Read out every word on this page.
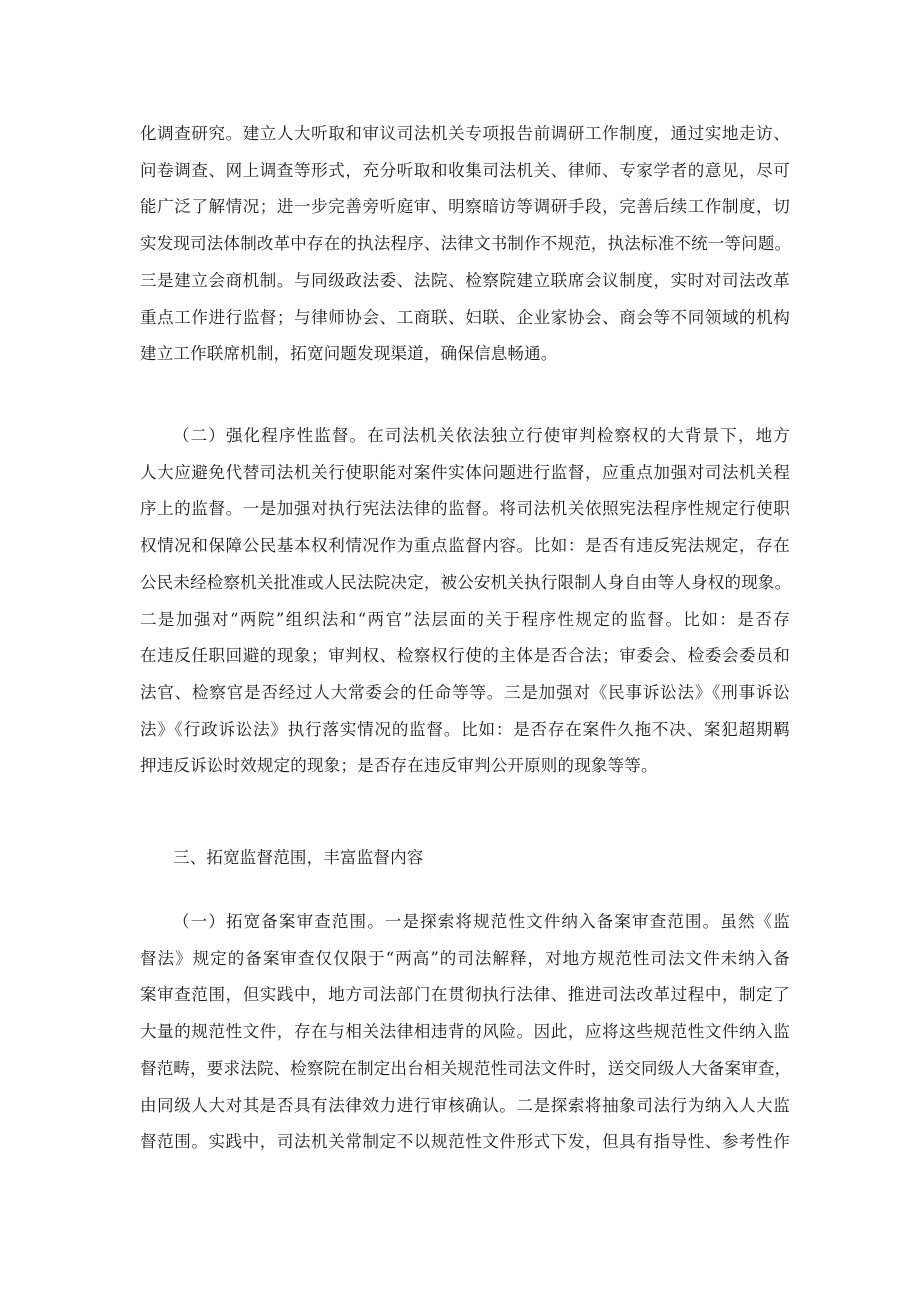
化调查研究。建立人大听取和审议司法机关专项报告前调研工作制度，通过实地走访、
问卷调查、网上调查等形式，充分听取和收集司法机关、律师、专家学者的意见，尽可
能广泛了解情况；进一步完善旁听庭审、明察暗访等调研手段，完善后续工作制度，切
实发现司法体制改革中存在的执法程序、法律文书制作不规范，执法标准不统一等问题。
三是建立会商机制。与同级政法委、法院、检察院建立联席会议制度，实时对司法改革
重点工作进行监督；与律师协会、工商联、妇联、企业家协会、商会等不同领域的机构
建立工作联席机制，拓宽问题发现渠道，确保信息畅通。
（二）强化程序性监督。在司法机关依法独立行使审判检察权的大背景下，地方
人大应避免代替司法机关行使职能对案件实体问题进行监督，应重点加强对司法机关程
序上的监督。一是加强对执行宪法法律的监督。将司法机关依照宪法程序性规定行使职
权情况和保障公民基本权利情况作为重点监督内容。比如：是否有违反宪法规定，存在
公民未经检察机关批准或人民法院决定，被公安机关执行限制人身自由等人身权的现象。
二是加强对“两院”组织法和“两官”法层面的关于程序性规定的监督。比如：是否存
在违反任职回避的现象；审判权、检察权行使的主体是否合法；审委会、检委会委员和
法官、检察官是否经过人大常委会的任命等等。三是加强对《民事诉讼法》《刑事诉讼
法》《行政诉讼法》执行落实情况的监督。比如：是否存在案件久拖不决、案犯超期羁
押违反诉讼时效规定的现象；是否存在违反审判公开原则的现象等等。
三、拓宽监督范围，丰富监督内容
（一）拓宽备案审查范围。一是探索将规范性文件纳入备案审查范围。虽然《监
督法》规定的备案审查仅仅限于“两高”的司法解释，对地方规范性司法文件未纳入备
案审查范围，但实践中，地方司法部门在贯彻执行法律、推进司法改革过程中，制定了
大量的规范性文件，存在与相关法律相违背的风险。因此，应将这些规范性文件纳入监
督范畴，要求法院、检察院在制定出台相关规范性司法文件时，送交同级人大备案审查，
由同级人大对其是否具有法律效力进行审核确认。二是探索将抽象司法行为纳入人大监
督范围。实践中，司法机关常制定不以规范性文件形式下发，但具有指导性、参考性作
